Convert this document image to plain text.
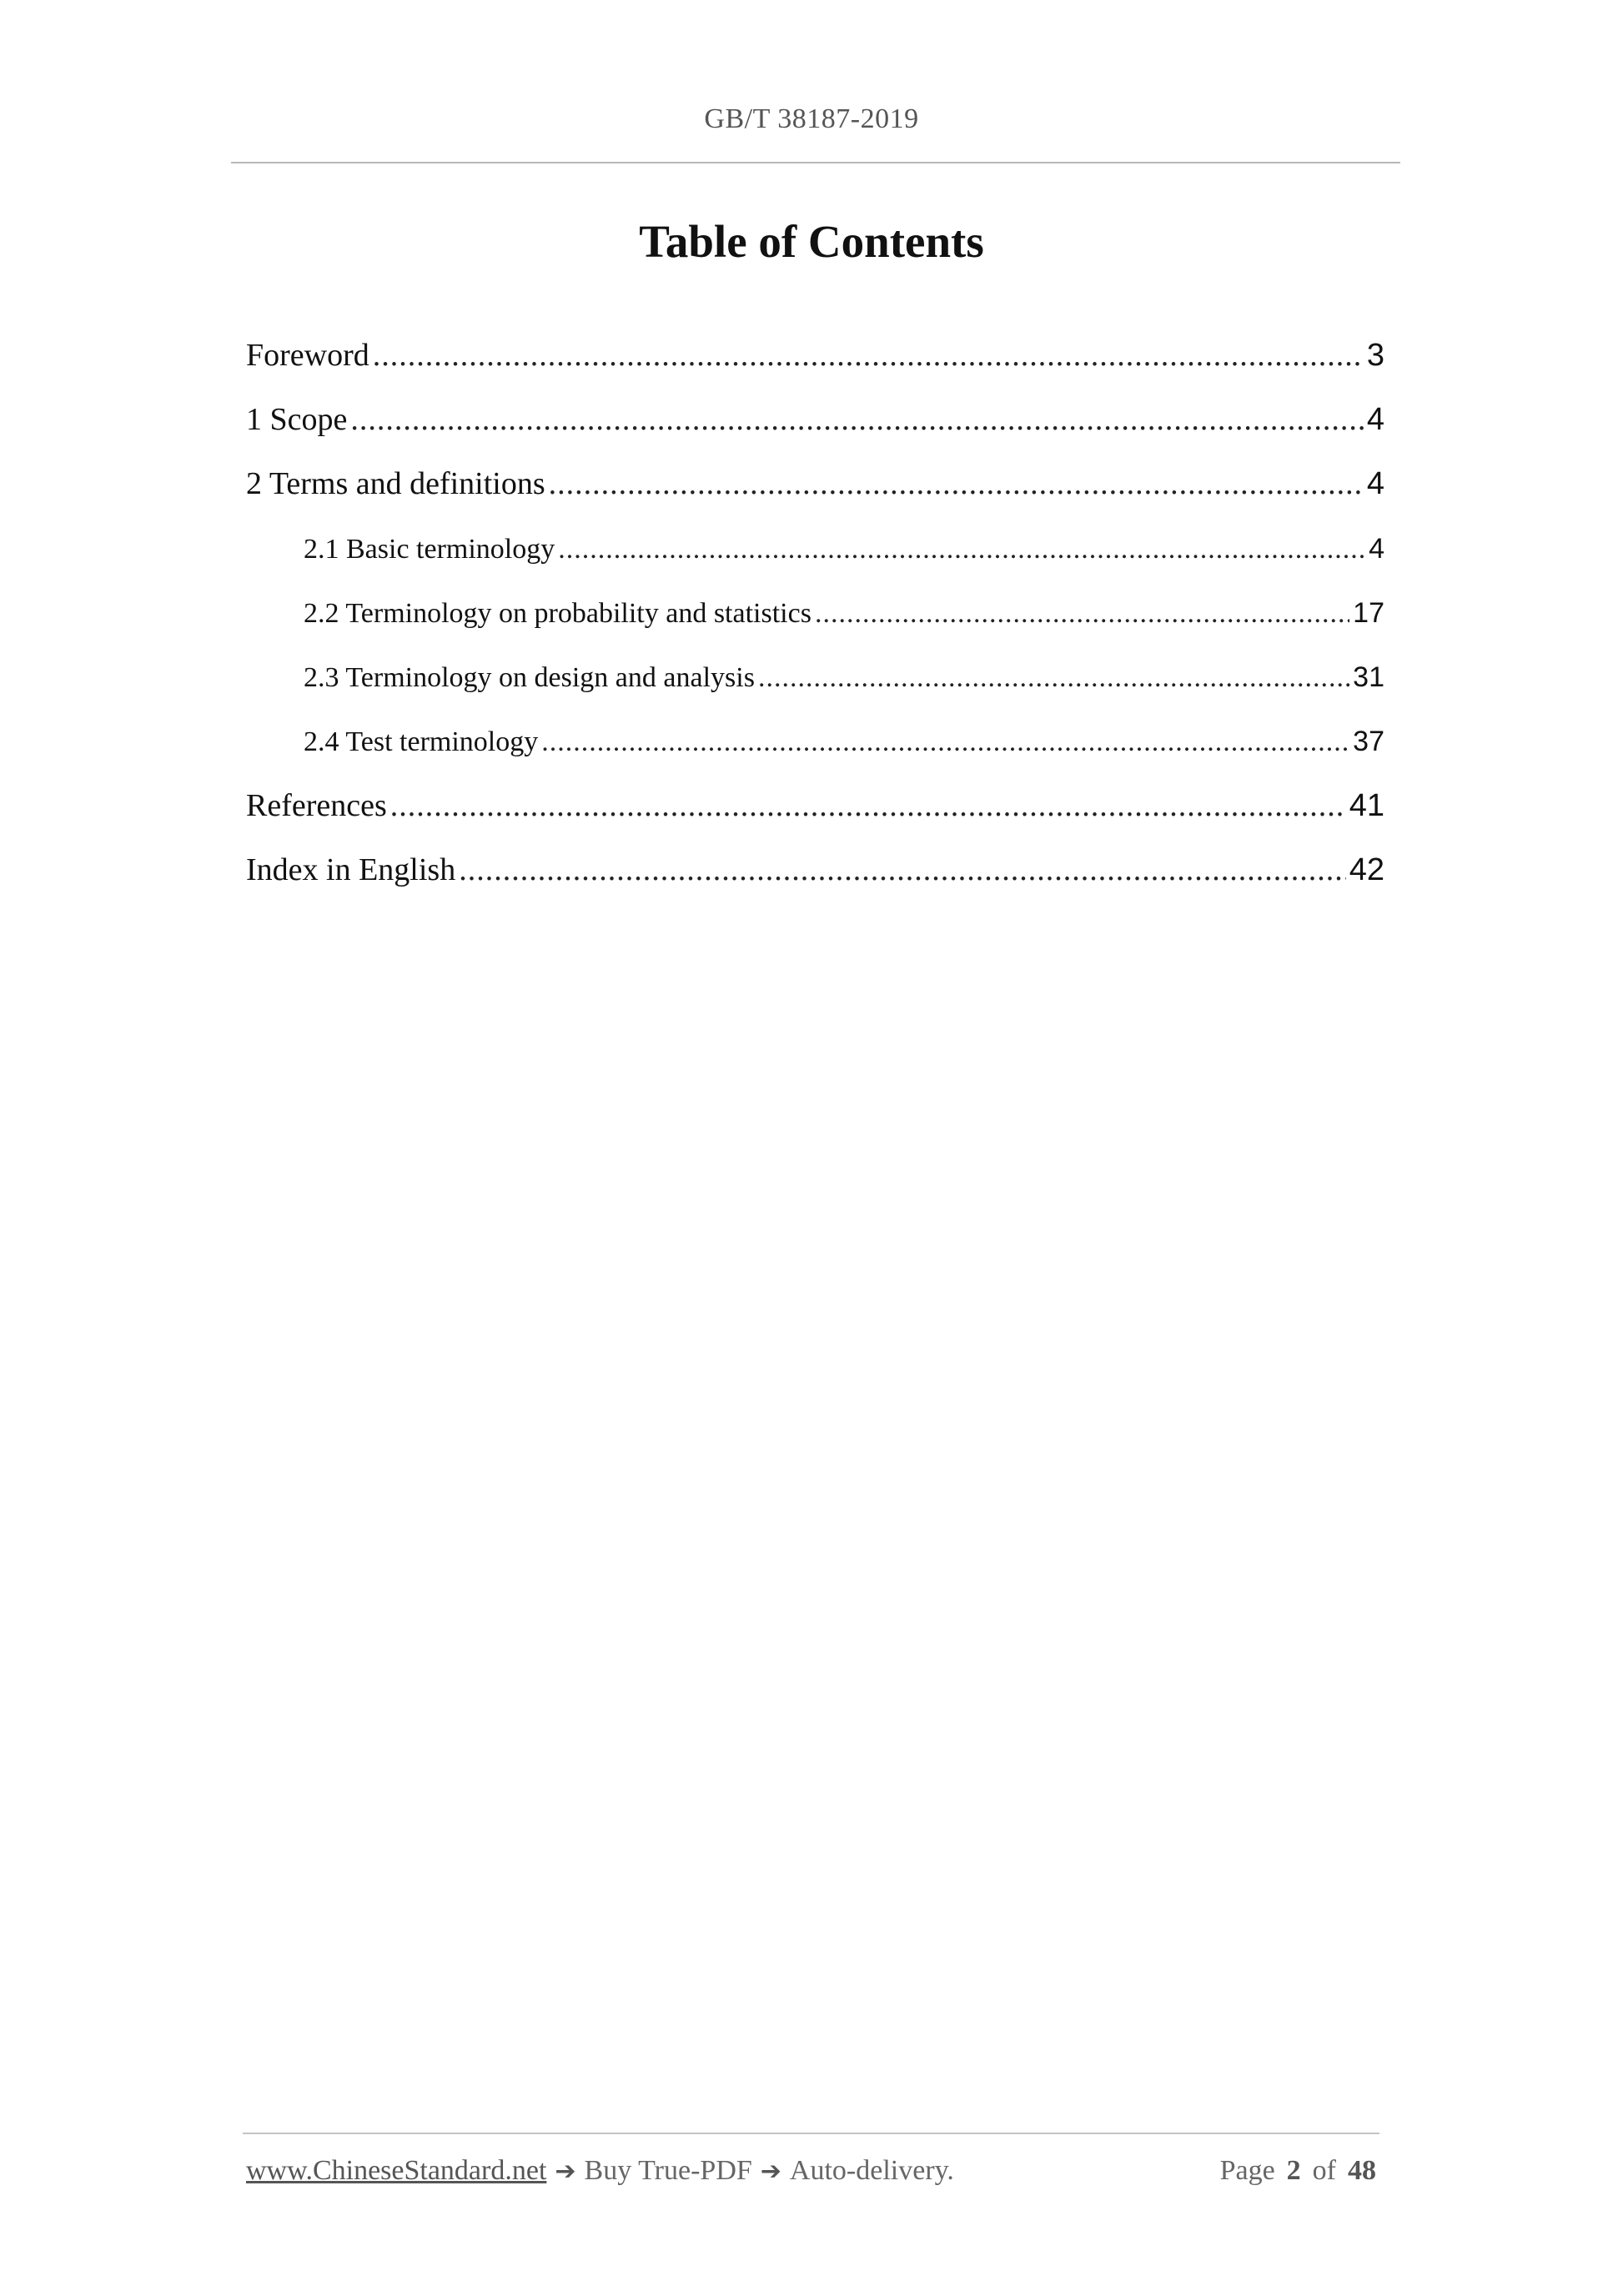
GB/T 38187-2019
Table of Contents
Foreword .....	3
1 Scope .....	4
2 Terms and definitions .....	4
2.1 Basic terminology .....	4
2.2 Terminology on probability and statistics .....	17
2.3 Terminology on design and analysis .....	31
2.4 Test terminology .....	37
References .....	41
Index in English .....	42
www.ChineseStandard.net ➔ Buy True-PDF ➔ Auto-delivery.	Page 2 of 48
